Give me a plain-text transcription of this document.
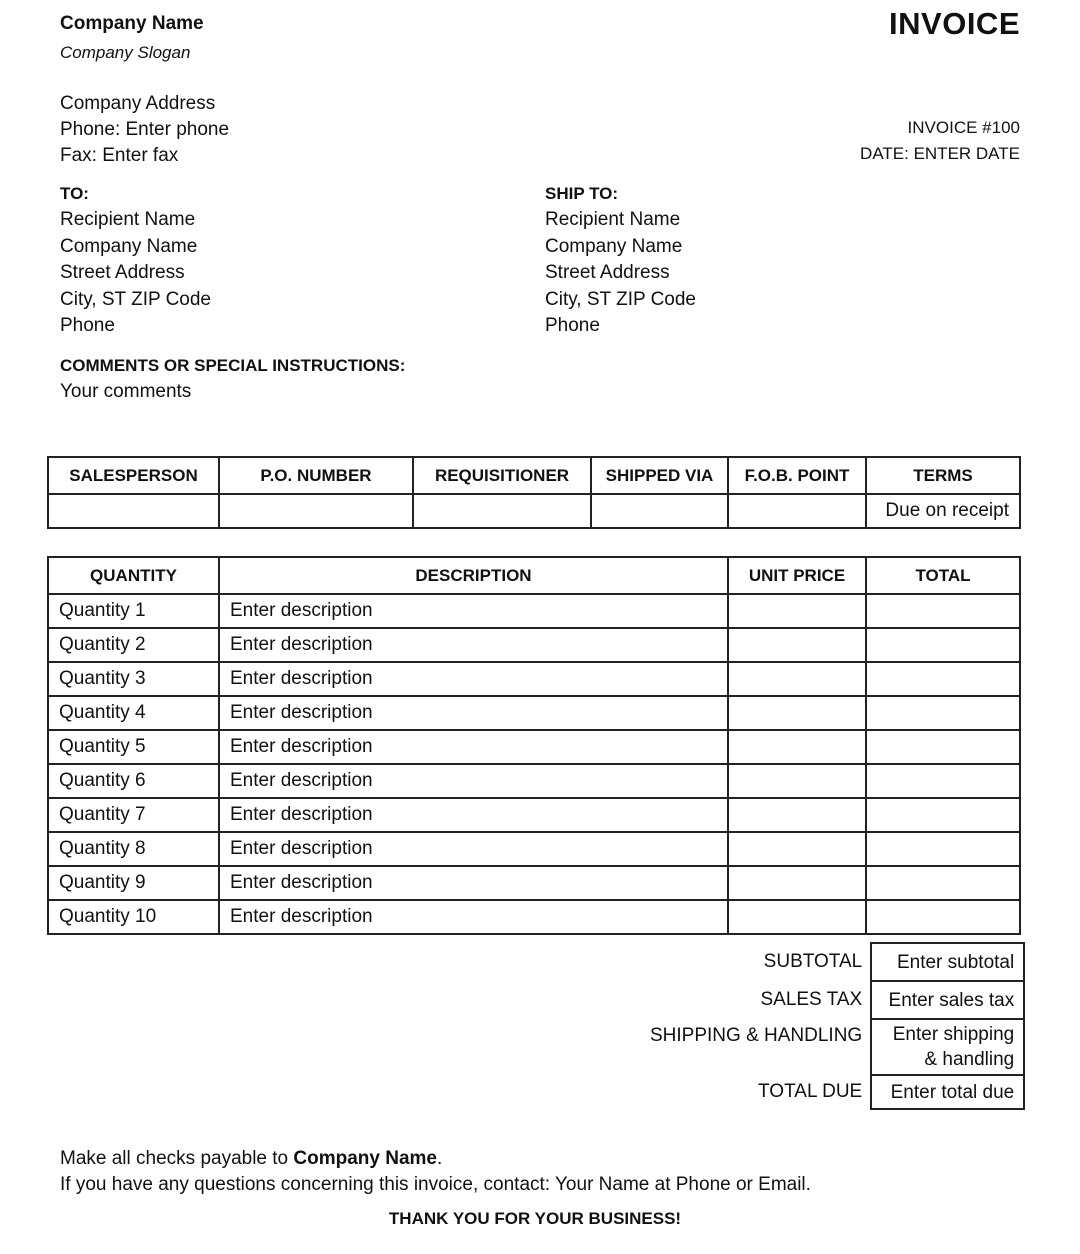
Company Name
Company Slogan
Company Address
Phone: Enter phone
Fax: Enter fax
INVOICE
INVOICE #100
DATE: ENTER DATE
TO:
Recipient Name
Company Name
Street Address
City, ST ZIP Code
Phone
SHIP TO:
Recipient Name
Company Name
Street Address
City, ST ZIP Code
Phone
COMMENTS OR SPECIAL INSTRUCTIONS:
Your comments
SALESPERSON	P.O. NUMBER	REQUISITIONER	SHIPPED VIA	F.O.B. POINT	TERMS
					Due on receipt
QUANTITY	DESCRIPTION	UNIT PRICE	TOTAL
Quantity 1	Enter description		
Quantity 2	Enter description		
Quantity 3	Enter description		
Quantity 4	Enter description		
Quantity 5	Enter description		
Quantity 6	Enter description		
Quantity 7	Enter description		
Quantity 8	Enter description		
Quantity 9	Enter description		
Quantity 10	Enter description		
SUBTOTAL	Enter subtotal
SALES TAX	Enter sales tax
SHIPPING & HANDLING	Enter shipping
& handling

TOTAL DUE	Enter total due
Make all checks payable to Company Name.
If you have any questions concerning this invoice, contact: Your Name at Phone or Email.
THANK YOU FOR YOUR BUSINESS!
